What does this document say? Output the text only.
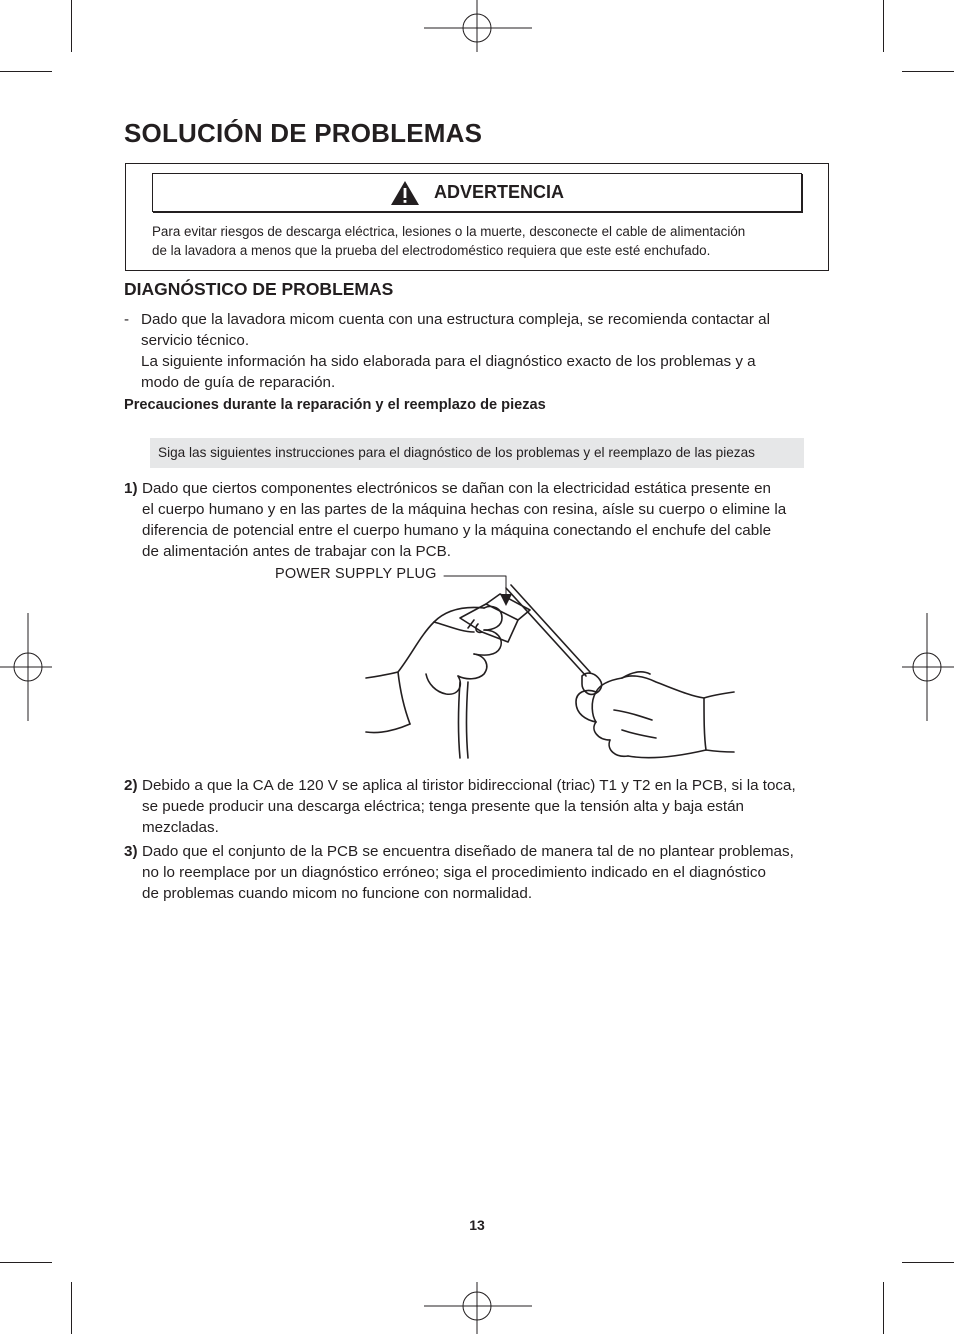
SOLUCIÓN DE PROBLEMAS
ADVERTENCIA
Para evitar riesgos de descarga eléctrica, lesiones o la muerte, desconecte el cable de alimentación
de la lavadora a menos que la prueba del electrodoméstico requiera que este esté enchufado.
DIAGNÓSTICO DE PROBLEMAS
- Dado que la lavadora micom cuenta con una estructura compleja, se recomienda contactar al
servicio técnico.
La siguiente información ha sido elaborada para el diagnóstico exacto de los problemas y a
modo de guía de reparación.
Precauciones durante la reparación y el reemplazo de piezas
Siga las siguientes instrucciones para el diagnóstico de los problemas y el reemplazo de las piezas
1) Dado que ciertos componentes electrónicos se dañan con la electricidad estática presente en
el cuerpo humano y en las partes de la máquina hechas con resina, aísle su cuerpo o elimine la
diferencia de potencial entre el cuerpo humano y la máquina conectando el enchufe del cable
de alimentación antes de trabajar con la PCB.
POWER SUPPLY PLUG
2) Debido a que la CA de 120 V se aplica al tiristor bidireccional (triac) T1 y T2 en la PCB, si la toca,
se puede producir una descarga eléctrica; tenga presente que la tensión alta y baja están
mezcladas.
3) Dado que el conjunto de la PCB se encuentra diseñado de manera tal de no plantear problemas,
no lo reemplace por un diagnóstico erróneo; siga el procedimiento indicado en el diagnóstico
de problemas cuando micom no funcione con normalidad.
13
